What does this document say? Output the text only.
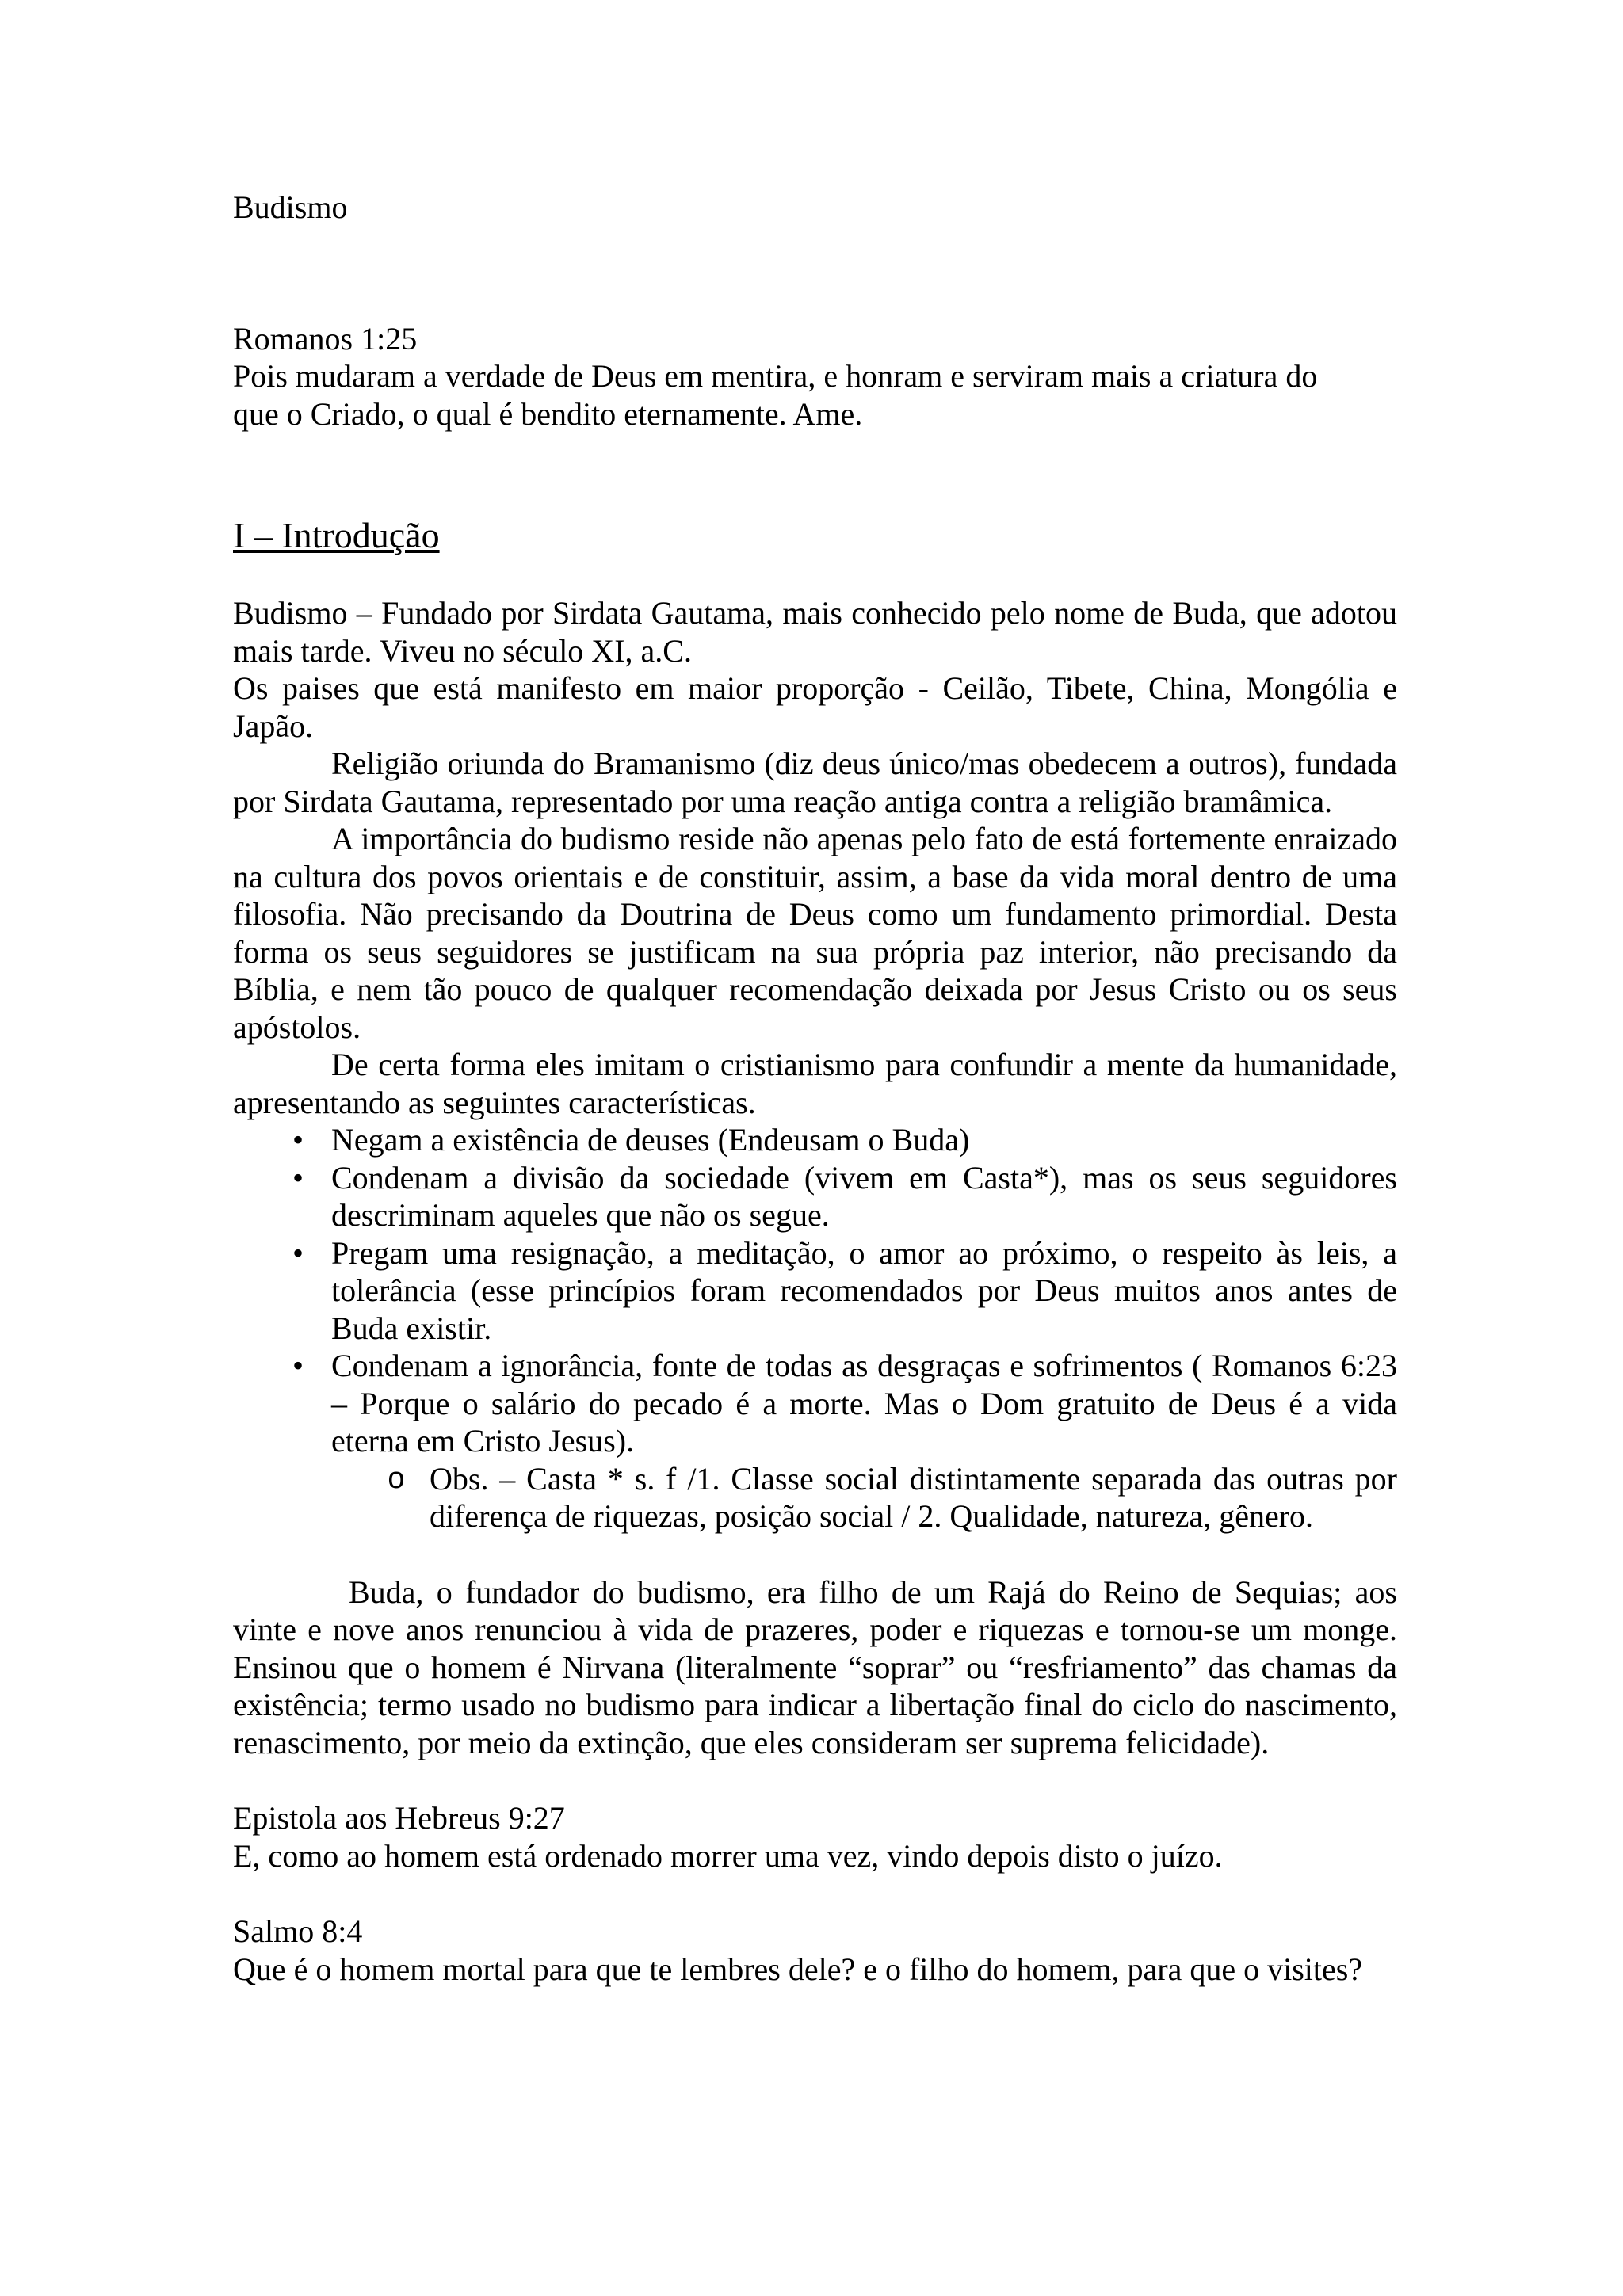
Budismo

Romanos 1:25

Pois mudaram a verdade de Deus em mentira, e honram e serviram mais a criatura do que o Criado, o qual é bendito eternamente. Ame.

I – Introdução

Budismo – Fundado por Sirdata Gautama, mais conhecido pelo nome de Buda, que adotou mais tarde. Viveu no século XI, a.C.

Os paises que está manifesto em maior proporção - Ceilão, Tibete, China, Mongólia e Japão.

Religião oriunda do Bramanismo (diz deus único/mas obedecem a outros), fundada por Sirdata Gautama, representado por uma reação antiga contra a religião bramâmica.

A importância do budismo reside não apenas pelo fato de está fortemente enraizado na cultura dos povos orientais e de constituir, assim, a base da vida moral dentro de uma filosofia. Não precisando da Doutrina de Deus como um fundamento primordial. Desta forma os seus seguidores se justificam na sua própria paz interior, não precisando da Bíblia, e nem tão pouco de qualquer recomendação deixada por Jesus Cristo ou os seus apóstolos.

De certa forma eles imitam o cristianismo para confundir a mente da humanidade, apresentando as seguintes características.

• Negam a existência de deuses (Endeusam o Buda)
• Condenam a divisão da sociedade (vivem em Casta*), mas os seus seguidores descriminam aqueles que não os segue.
• Pregam uma resignação, a meditação, o amor ao próximo, o respeito às leis, a tolerância (esse princípios foram recomendados por Deus muitos anos antes de Buda existir.
• Condenam a ignorância, fonte de todas as desgraças e sofrimentos ( Romanos 6:23 – Porque o salário do pecado é a morte. Mas o Dom gratuito de Deus é a vida eterna em Cristo Jesus).
o Obs. – Casta * s. f /1. Classe social distintamente separada das outras por diferença de riquezas, posição social / 2. Qualidade, natureza, gênero.

Buda, o fundador do budismo, era filho de um Rajá do Reino de Sequias; aos vinte e nove anos renunciou à vida de prazeres, poder e riquezas e tornou-se um monge. Ensinou que o homem é Nirvana (literalmente “soprar” ou “resfriamento” das chamas da existência; termo usado no budismo para indicar a libertação final do ciclo do nascimento, renascimento, por meio da extinção, que eles consideram ser suprema felicidade).

Epistola aos Hebreus 9:27

E, como ao homem está ordenado morrer uma vez, vindo depois disto o juízo.

Salmo 8:4

Que é o homem mortal para que te lembres dele? e o filho do homem, para que o visites?
